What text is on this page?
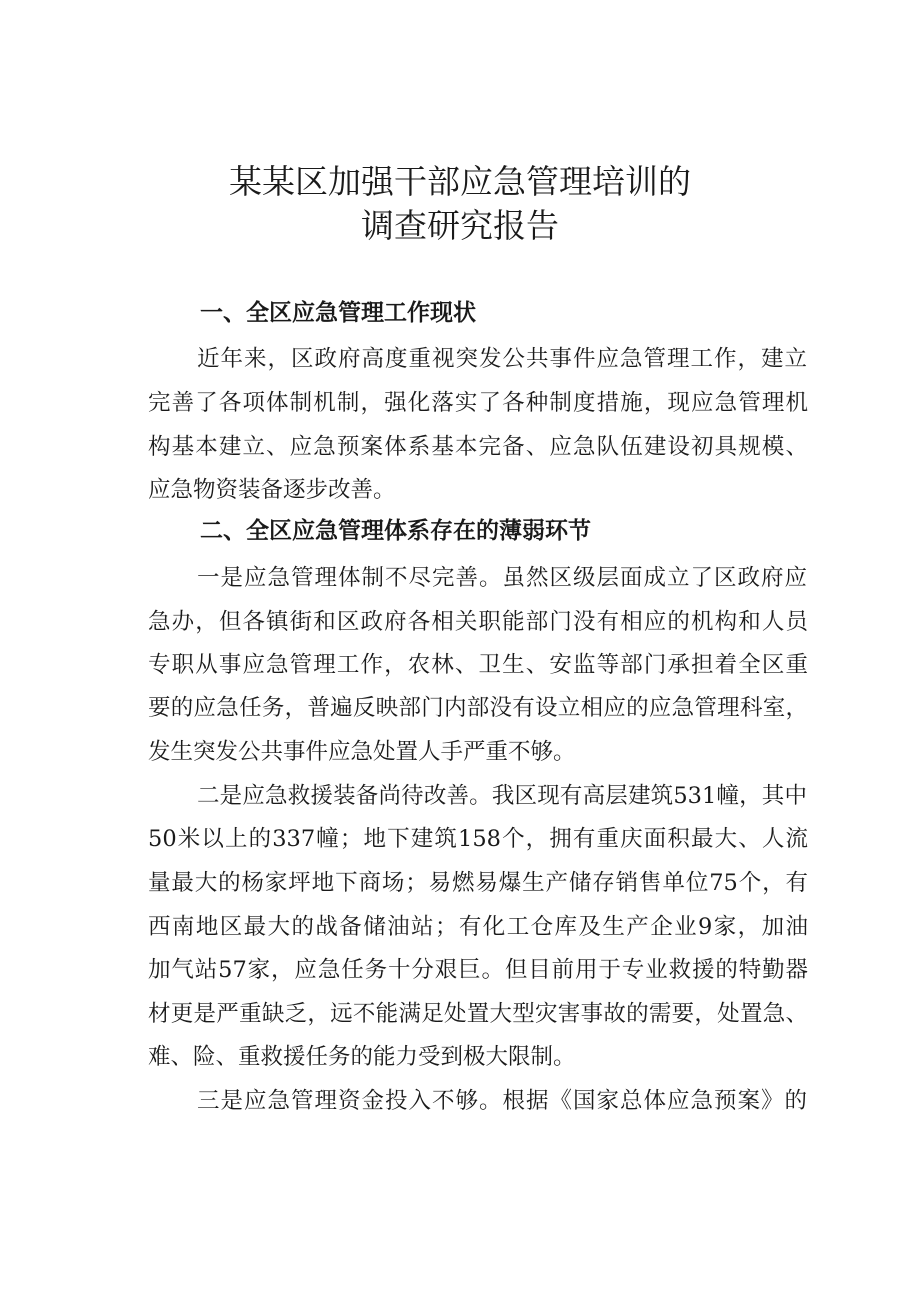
某某区加强干部应急管理培训的
调查研究报告
一、全区应急管理工作现状
近年来，区政府高度重视突发公共事件应急管理工作，建立
完善了各项体制机制，强化落实了各种制度措施，现应急管理机
构基本建立、应急预案体系基本完备、应急队伍建设初具规模、
应急物资装备逐步改善。
二、全区应急管理体系存在的薄弱环节
一是应急管理体制不尽完善。虽然区级层面成立了区政府应
急办，但各镇街和区政府各相关职能部门没有相应的机构和人员
专职从事应急管理工作，农林、卫生、安监等部门承担着全区重
要的应急任务，普遍反映部门内部没有设立相应的应急管理科室，
发生突发公共事件应急处置人手严重不够。
二是应急救援装备尚待改善。我区现有高层建筑531幢，其中
50米以上的337幢；地下建筑158个，拥有重庆面积最大、人流
量最大的杨家坪地下商场；易燃易爆生产储存销售单位75个，有
西南地区最大的战备储油站；有化工仓库及生产企业9家，加油
加气站57家，应急任务十分艰巨。但目前用于专业救援的特勤器
材更是严重缺乏，远不能满足处置大型灾害事故的需要，处置急、
难、险、重救援任务的能力受到极大限制。
三是应急管理资金投入不够。根据《国家总体应急预案》的
